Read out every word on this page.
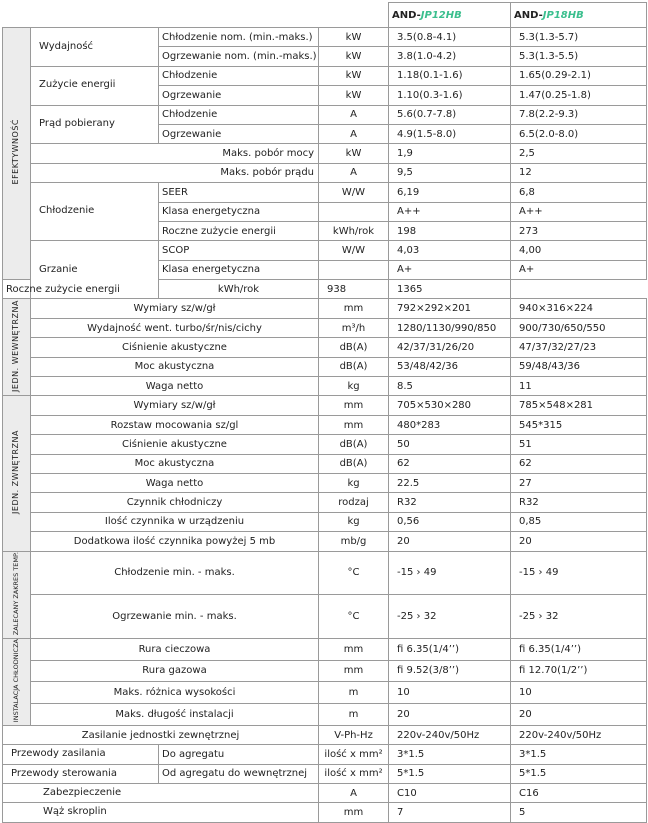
				AND-JP12HB	AND-JP18HB
EFEKTYWNOŚĆ	Wydajność	Chłodzenie nom. (min.-maks.)	kW	3.5(0.8-4.1)	5.3(1.3-5.7)
		Ogrzewanie nom. (min.-maks.)	kW	3.8(1.0-4.2)	5.3(1.3-5.5)
	Zużycie energii	Chłodzenie	kW	1.18(0.1-1.6)	1.65(0.29-2.1)
		Ogrzewanie	kW	1.10(0.3-1.6)	1.47(0.25-1.8)
	Prąd pobierany	Chłodzenie	A	5.6(0.7-7.8)	7.8(2.2-9.3)
		Ogrzewanie	A	4.9(1.5-8.0)	6.5(2.0-8.0)
	Maks. pobór mocy		kW	1,9	2,5
	Maks. pobór prądu		A	9,5	12
	Chłodzenie	SEER	W/W	6,19	6,8
		Klasa energetyczna		A++	A++
		Roczne zużycie energii	kWh/rok	198	273
	Grzanie	SCOP	W/W	4,03	4,00
		Klasa energetyczna		A+	A+
Roczne zużycie energii		kWh/rok	938	1365	
JEDN. WEWNĘTRZNA	Wymiary sz/w/gł		mm	792×292×201	940×316×224
	Wydajność went. turbo/śr/nis/cichy		m³/h	1280/1130/990/850	900/730/650/550
	Ciśnienie akustyczne		dB(A)	42/37/31/26/20	47/37/32/27/23
	Moc akustyczna		dB(A)	53/48/42/36	59/48/43/36
	Waga netto		kg	8.5	11
JEDN. ZWNĘTRZNA	Wymiary sz/w/gł		mm	705×530×280	785×548×281
	Rozstaw mocowania sz/gl		mm	480*283	545*315
	Ciśnienie akustyczne		dB(A)	50	51
	Moc akustyczna		dB(A)	62	62
	Waga netto		kg	22.5	27
	Czynnik chłodniczy		rodzaj	R32	R32
	Ilość czynnika w urządzeniu		kg	0,56	0,85
	Dodatkowa ilość czynnika powyżej 5 mb		mb/g	20	20
ZALECANY ZAKRES TEMP.	Chłodzenie min. - maks.		°C	-15 › 49	-15 › 49
	Ogrzewanie min. - maks.		°C	-25 › 32	-25 › 32
INSTALACJA CHŁODNICZA	Rura cieczowa		mm	fi 6.35(1/4’’)	fi 6.35(1/4’’)
	Rura gazowa		mm	fi 9.52(3/8’’)	fi 12.70(1/2’’)
	Maks. różnica wysokości		m	10	10
	Maks. długość instalacji		m	20	20
Zasilanie jednostki zewnętrznej			V-Ph-Hz	220v-240v/50Hz	220v-240v/50Hz
Przewody zasilania		Do agregatu	ilość x mm²	3*1.5	3*1.5
Przewody sterowania		Od agregatu do wewnętrznej	ilość x mm²	5*1.5	5*1.5
Zabezpieczenie			A	C10	C16
Wąż skroplin			mm	7	5
